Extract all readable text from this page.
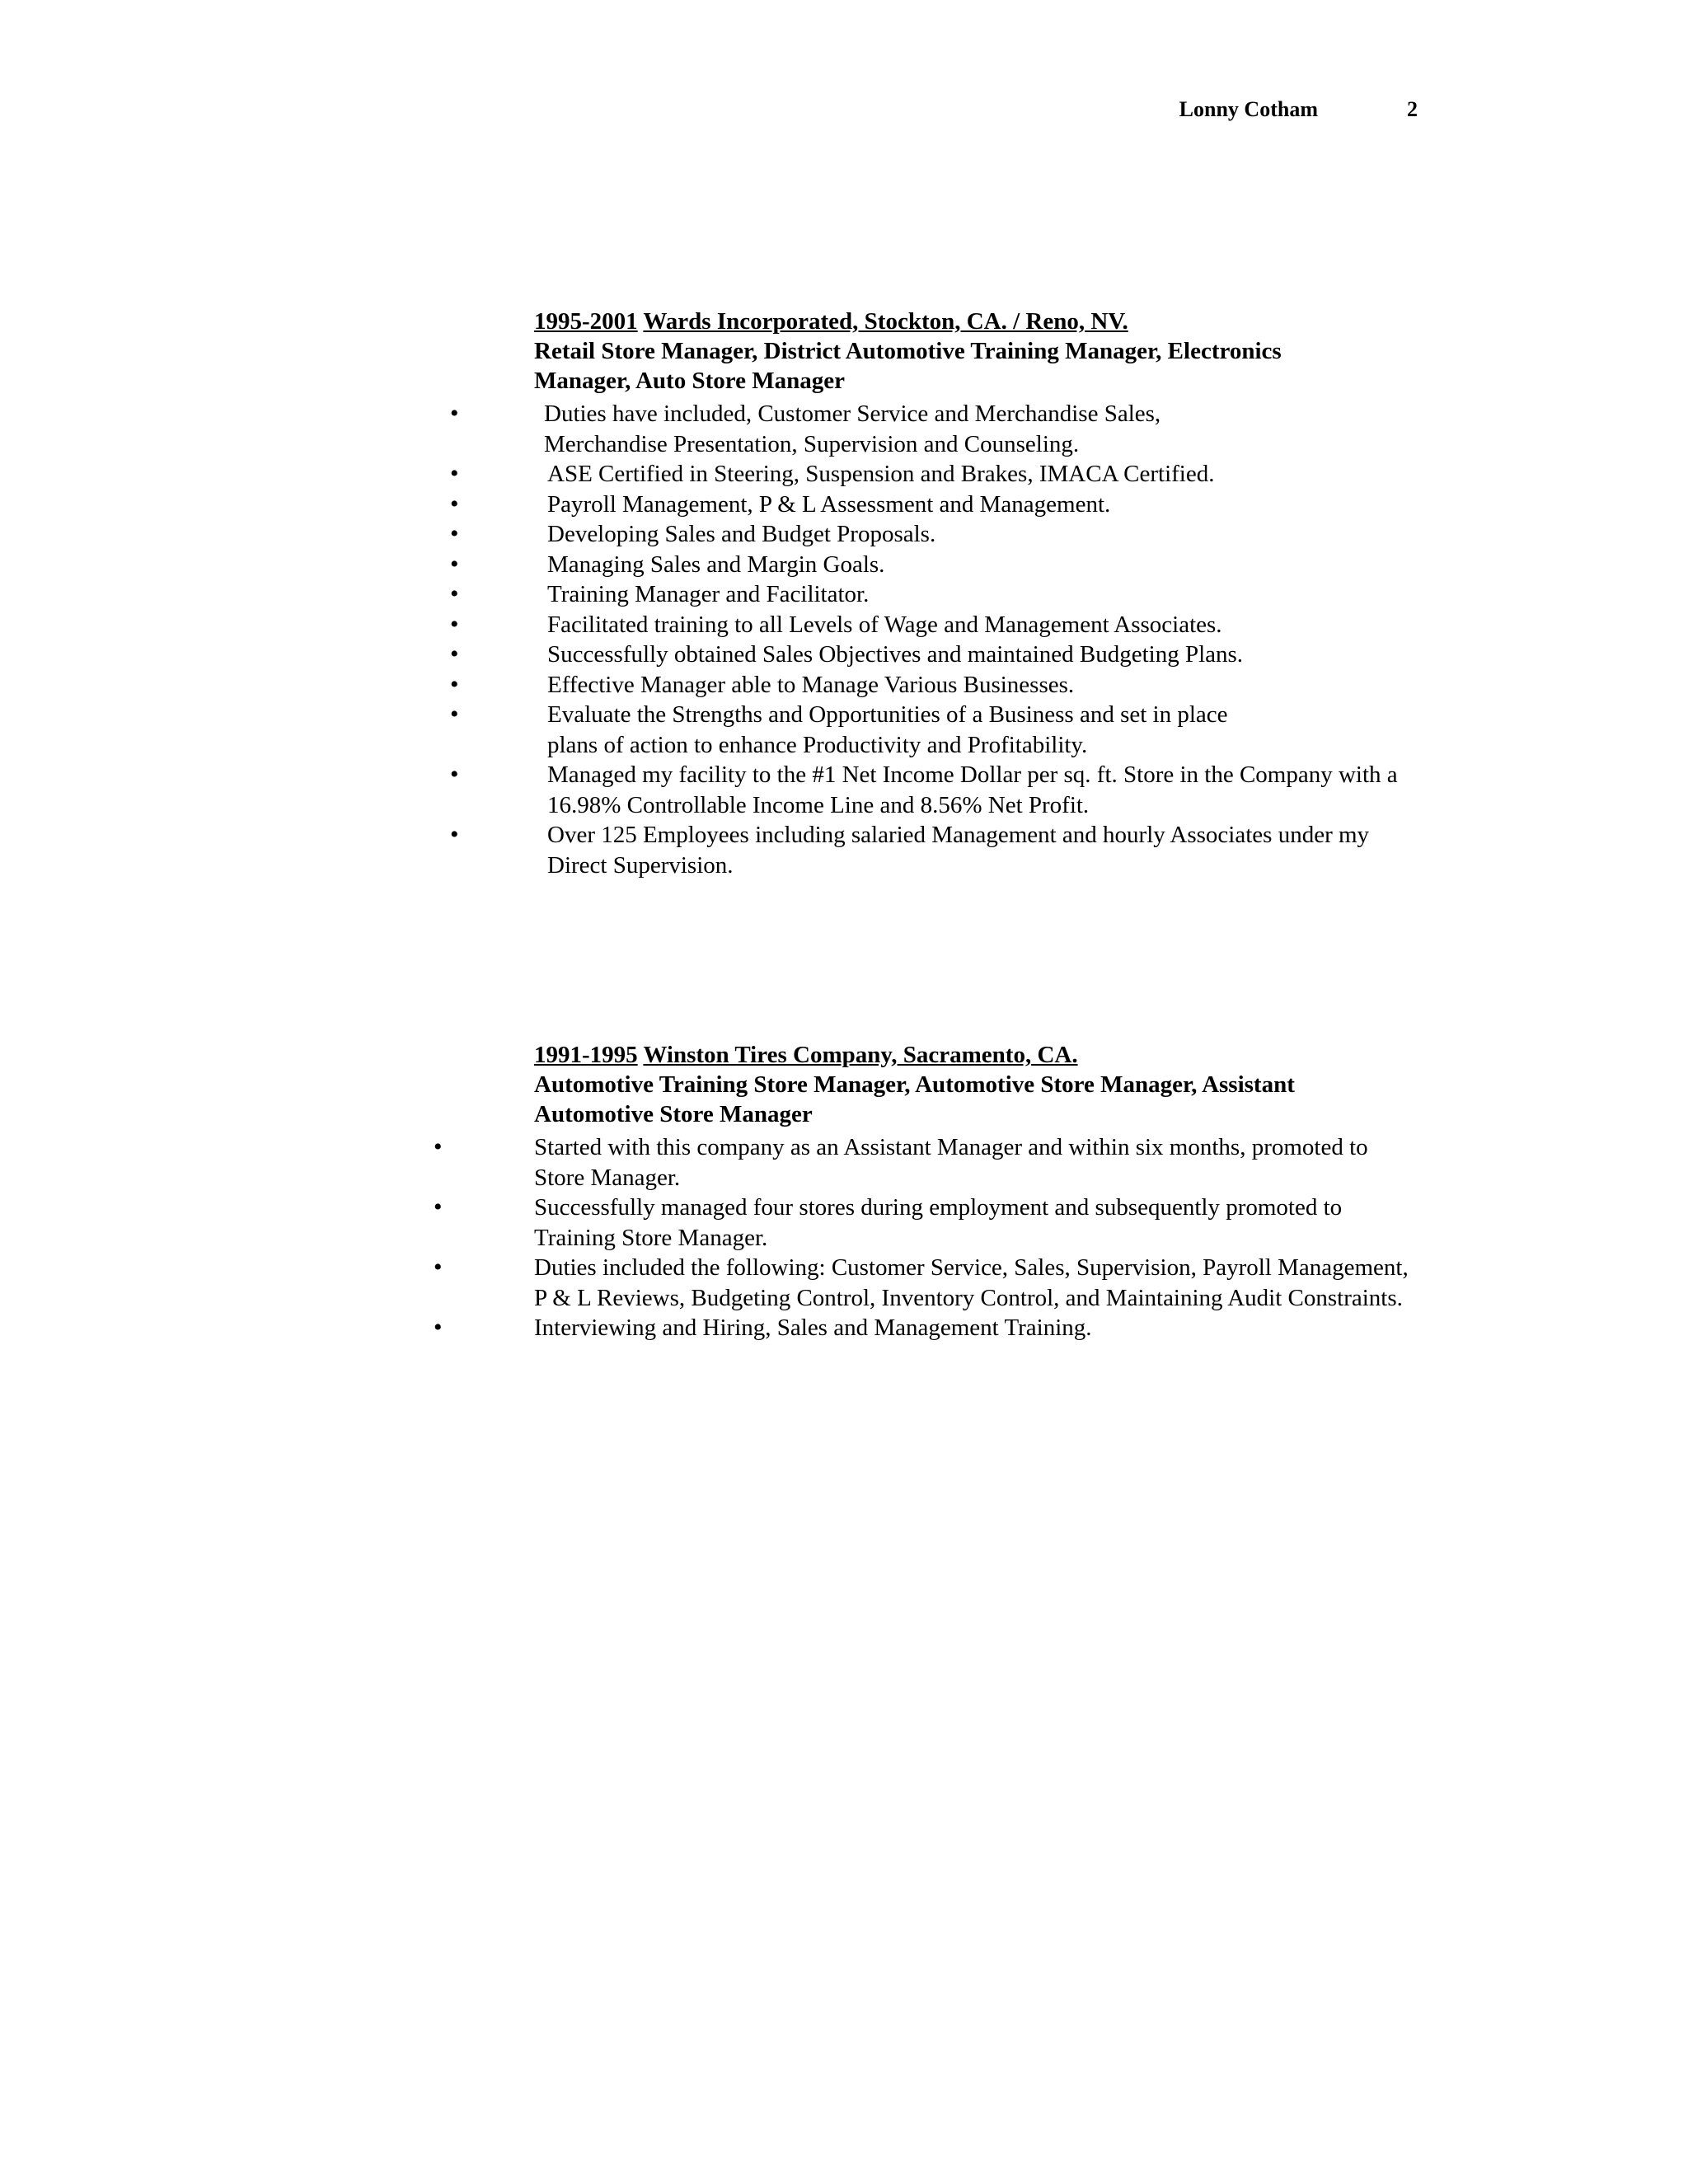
Lonny Cotham	2
1995-2001 Wards Incorporated, Stockton, CA. / Reno, NV.
Retail Store Manager, District Automotive Training Manager, Electronics Manager, Auto Store Manager
•	Duties have included, Customer Service and Merchandise Sales, Merchandise Presentation, Supervision and Counseling.
•	ASE Certified in Steering, Suspension and Brakes, IMACA Certified.
•	Payroll Management, P & L Assessment and Management.
•	Developing Sales and Budget Proposals.
•	Managing Sales and Margin Goals.
•	Training Manager and Facilitator.
•	Facilitated training to all Levels of Wage and Management Associates.
•	Successfully obtained Sales Objectives and maintained Budgeting Plans.
•	Effective Manager able to Manage Various Businesses.
•	Evaluate the Strengths and Opportunities of a Business and set in place plans of action to enhance Productivity and Profitability.
•	Managed my facility to the #1 Net Income Dollar per sq. ft. Store in the Company with a 16.98% Controllable Income Line and 8.56% Net Profit.
•	Over 125 Employees including salaried Management and hourly Associates under my Direct Supervision.
1991-1995 Winston Tires Company, Sacramento, CA.
Automotive Training Store Manager, Automotive Store Manager, Assistant Automotive Store Manager
•	Started with this company as an Assistant Manager and within six months, promoted to Store Manager.
•	Successfully managed four stores during employment and subsequently promoted to Training Store Manager.
•	Duties included the following: Customer Service, Sales, Supervision, Payroll Management, P & L Reviews, Budgeting Control, Inventory Control, and Maintaining Audit Constraints.
•	Interviewing and Hiring, Sales and Management Training.
